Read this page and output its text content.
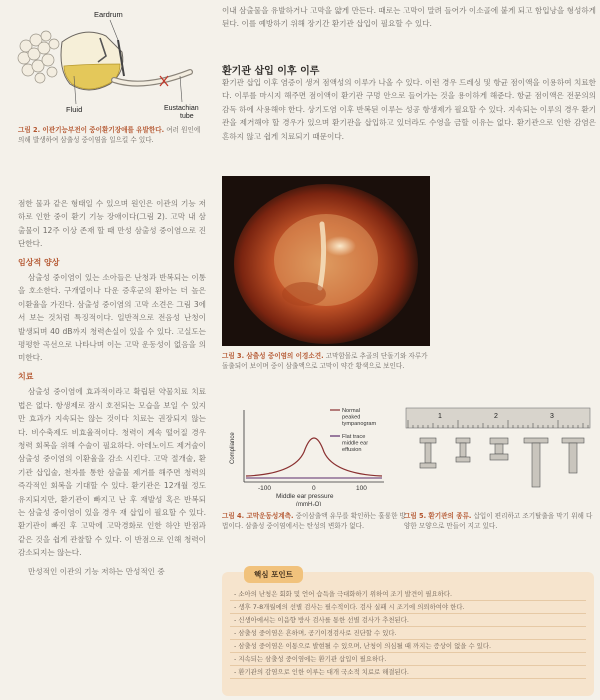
Eardrum
Fluid	Eustachian tube
그림 2. 이관기능부전이 중이환기장애를 유발한다. 여러 원인에 의해 발생하여 삼출성 중이염을 일으킬 수 있다.

점한 물과 같은 형태일 수 있으며 원인은 이관의 기능 저하로 인한 중이 환기 기능 장애이다(그림 2). 고막 내 삼출물이 12주 이상 존재 할 때 만성 삼출성 중이염으로 진단한다.

임상적 양상

삼출성 중이염이 있는 소아들은 난청과 반복되는 이통을 호소한다. 구개열이나 다운 증후군의 환아는 더 높은 이환율을 가진다. 삼출성 중이염의 고막 소견은 그림 3에서 보는 것처럼 특징적이다. 일반적으로 전음성 난청이 발생되며 40 dB까지 청력손실이 있을 수 있다. 고실도는 평평한 곡선으로 나타나며 이는 고막 운동성이 없음을 의미한다.

치료

삼출성 중이염에 효과적이라고 확립된 약물치료 치료법은 없다. 항생제로 잠시 호전되는 모습을 보일 수 있지만 효과가 지속되는 않는 것이다 치료는 권장되지 않는다. 비수축제도 비효율적이다. 청력이 계속 떨어질 경우 청력 회복을 위해 수술이 필요하다. 아데노이드 제거술이 삼출성 중이염의 이환율을 감소 시킨다. 고막 절개술, 환기관 삽입술, 천자를 통한 삼출물 제거를 해주면 청력의 즉각적인 회복을 기대할 수 있다. 환기관은 12개월 정도 유지되지만, 환기관이 빠지고 난 후 재발성 혹은 반복되는 삼출성 중이염이 있을 경우 재 삽입이 필요할 수 있다. 환기관이 빠진 후 고막에 고막경화로 인한 하얀 반점과 같은 것을 쉽게 관찰할 수 있다. 이 반점으로 인해 청력이 감소되지는 않는다.

만성적인 이관의 기능 저하는 만성적인 중

이내 삼출물을 유발하거나 고막을 얇게 만든다. 때로는 고막이 말려 들어가 이소골에 붙게 되고 함입낭을 형성하게 된다. 이를 예방하기 위해 장기간 환기관 삽입이 필요할 수 있다.
환기관 삽입 이후 이루
환기관 삽입 이후 염증이 생겨 점액성의 이루가 나올 수 있다. 이런 경우 드레싱 및 항균 점이액을 이용하여 치료한다. 이루를 마시지 해주면 점이액이 환기관 구멍 안으로 들어가는 것을 용이하게 해준다. 항균 점이액은 전문의의 감독 하에 사용해야 한다. 상기도염 이후 반복된 이루는 성공 항생제가 필요할 수 있다. 지속되는 이루의 경우 환기관을 제거해야 할 경우가 있으며 환기관을 삽입하고 있더라도 수영을 금할 이유는 없다. 환기관으로 인한 감염은 흔하지 않고 쉽게 치료되기 때문이다.
그림 3. 삼출성 중이염의 이경소견. 고막함몰로 추골의 단돌기와 자루가 돌출되어 보이며 중이 삼출액으로 고막이 약간 황색으로 보인다.
Compliance
-100	0	100
Middle ear pressure
(mmH₂O)
Normal peaked tympanogram
Flat trace middle ear effusion
1	2	3
그림 4. 고막운동성계측. 중이삼출액 유무를 확인하는 훌륭한 방법이다. 삼출성 중이염에서는 탄성의 변화가 없다.
그림 5. 환기관의 종류. 삽입이 편리하고 조기탈출을 막기 위해 다양한 모양으로 만들어 지고 있다.
핵심 포인트
- 소아의 난청은 회화 및 언어 습득을 극대화하기 위하여 조기 발견이 필요하다.
- 생후 7-8개월에의 선별 검사는 필수적이다. 검사 실패 시 조기에 의뢰하여야 한다.
- 신생아에서는 이음향 방사 검사를 통한 선별 검사가 추천된다.
- 삼출성 중이염은 흔하며, 공기이경검사로 진단할 수 있다.
- 삼출성 중이염은 이통으로 발현될 수 있으며, 난청이 의심될 때 까지는 증상이 없을 수 있다.
- 지속되는 삼출성 중이염에는 환기관 삽입이 필요하다.
- 환기관의 감염으로 인한 이루는 대개 국소적 치료로 해결된다.
